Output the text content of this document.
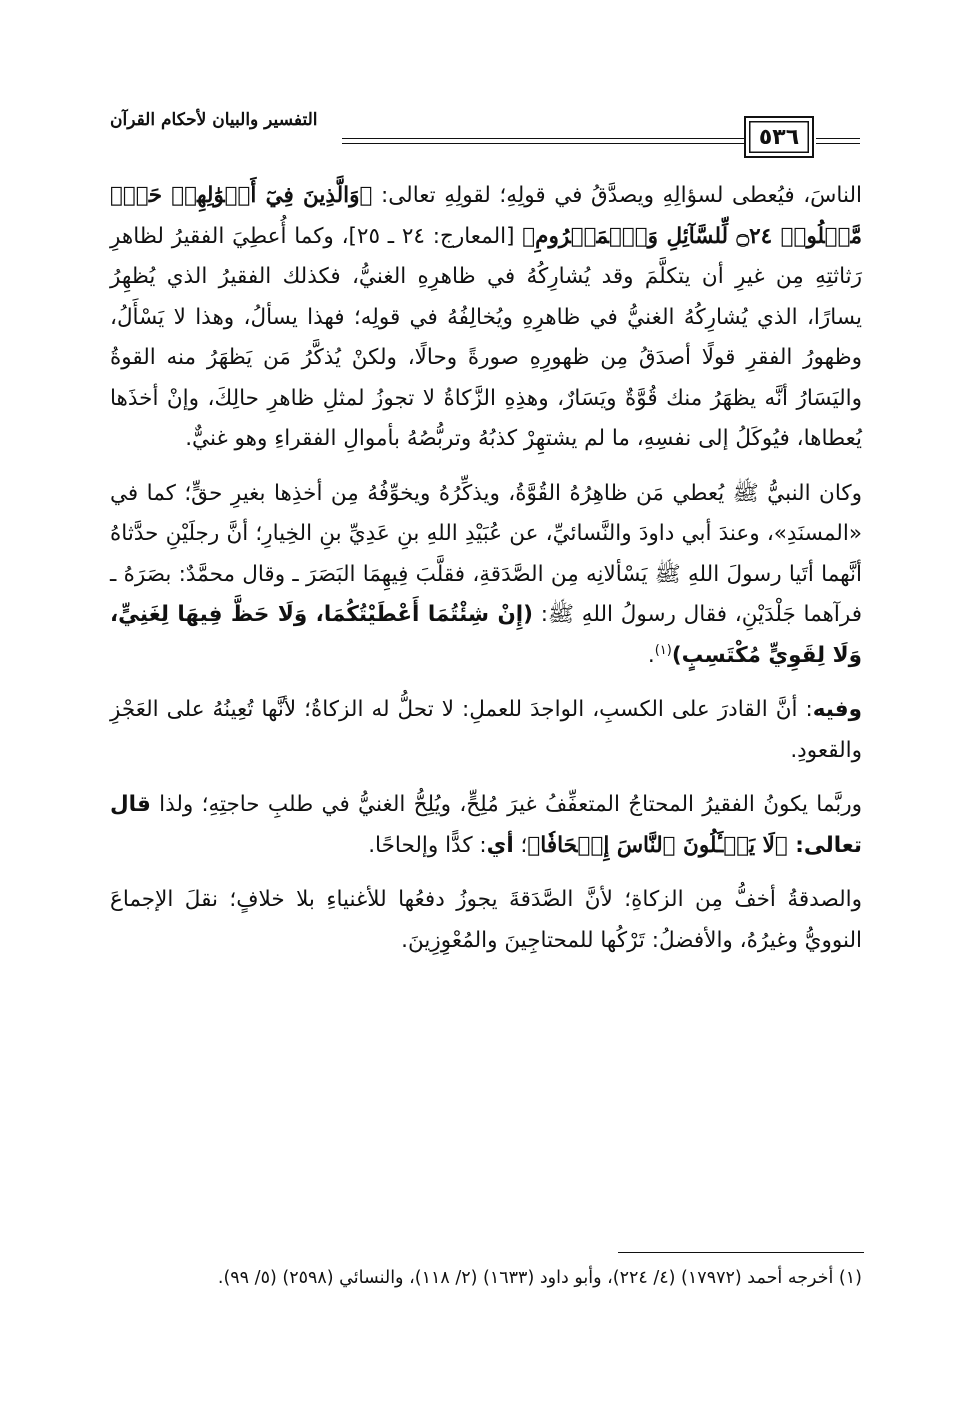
التفسير والبيان لأحكام القرآن
٥٣٦

الناسَ، فيُعطى لسؤالِهِ ويصدَّقُ في قولِهِ؛ لقولِهِ تعالى: ﴿وَالَّذِينَ فِيٓ أَمۡوَٰلِهِمۡ حَقّٞ مَّعۡلُومٞ ۝٢٤ لِّلسَّآئِلِ وَٱلۡمَحۡرُومِ﴾ [المعارج: ٢٤ ـ ٢٥]، وكما أُعطِيَ الفقيرُ لظاهرِ رَثاثتِهِ مِن غيرِ أن يتكلَّمَ وقد يُشارِكُهُ في ظاهرِهِ الغنيُّ، فكذلك الفقيرُ الذي يُظهِرُ يسارًا، الذي يُشارِكُهُ الغنيُّ في ظاهرِهِ ويُخالِفُهُ في قولِه؛ فهذا يسألُ، وهذا لا يَسْأَلُ، وظهورُ الفقرِ قولًا أصدَقُ مِن ظهورِهِ صورةً وحالًا، ولكنْ يُذكَّرُ مَن يَظهَرُ منه القوةُ واليَسَارُ أنَّه يظهَرُ منك قُوَّةٌ ويَسَارٌ، وهذِهِ الزَّكاةُ لا تجوزُ لمثلِ ظاهرِ حالِكَ، وإنْ أخذَها يُعطاها، فيُوكَلُ إلى نفسِهِ، ما لم يشتهِرْ كذبُهُ وتربُّصُهُ بأموالِ الفقراءِ وهو غنيٌّ.

وكان النبيُّ ﷺ يُعطي مَن ظاهِرُهُ القُوَّةُ، ويذكِّرُهُ ويخوِّفُهُ مِن أخذِها بغيرِ حقٍّ؛ كما في «المسنَدِ»، وعندَ أبي داودَ والنَّسائيِّ، عن عُبَيْدِ اللهِ بنِ عَدِيِّ بنِ الخِيارِ؛ أنَّ رجلَيْنِ حدَّثاهُ أنَّهما أتَيا رسولَ اللهِ ﷺ يَسْألانِه مِن الصَّدَقةِ، فقلَّبَ فِيهِمَا البَصَرَ ـ وقال محمَّدٌ: بصَرَهُ ـ فرآهما جَلْدَيْنِ، فقال رسولُ اللهِ ﷺ: (إِنْ شِئْتُمَا أَعْطَيْتُكُمَا، وَلَا حَظَّ فِيهَا لِغَنِيٍّ، وَلَا لِقَوِيٍّ مُكْتَسِبٍ)$^{(١)}$.

وفيه: أنَّ القادرَ على الكسبِ، الواجدَ للعملِ: لا تحلُّ له الزكاةُ؛ لأنَّها تُعِينُهُ على العَجْزِ والقعودِ.

وربَّما يكونُ الفقيرُ المحتاجُ المتعفِّفُ غيرَ مُلِحٍّ، ويُلِحُّ الغنيُّ في طلبِ حاجتِهِ؛ ولذا قال تعالى: ﴿لَا يَسۡـَٔلُونَ ٱلنَّاسَ إِلۡحَافٗا﴾؛ أي: كدًّا وإلحاحًا.

والصدقةُ أخفُّ مِن الزكاةِ؛ لأنَّ الصَّدَقةَ يجوزُ دفعُها للأغنياءِ بلا خلافٍ؛ نقلَ الإجماعَ النوويُّ وغيرُهُ، والأفضلُ: تَرْكُها للمحتاجِينَ والمُعْوِزِينَ.

(١) أخرجه أحمد (١٧٩٧٢) (٤/ ٢٢٤)، وأبو داود (١٦٣٣) (٢/ ١١٨)، والنسائي (٢٥٩٨) (٥/ ٩٩).
